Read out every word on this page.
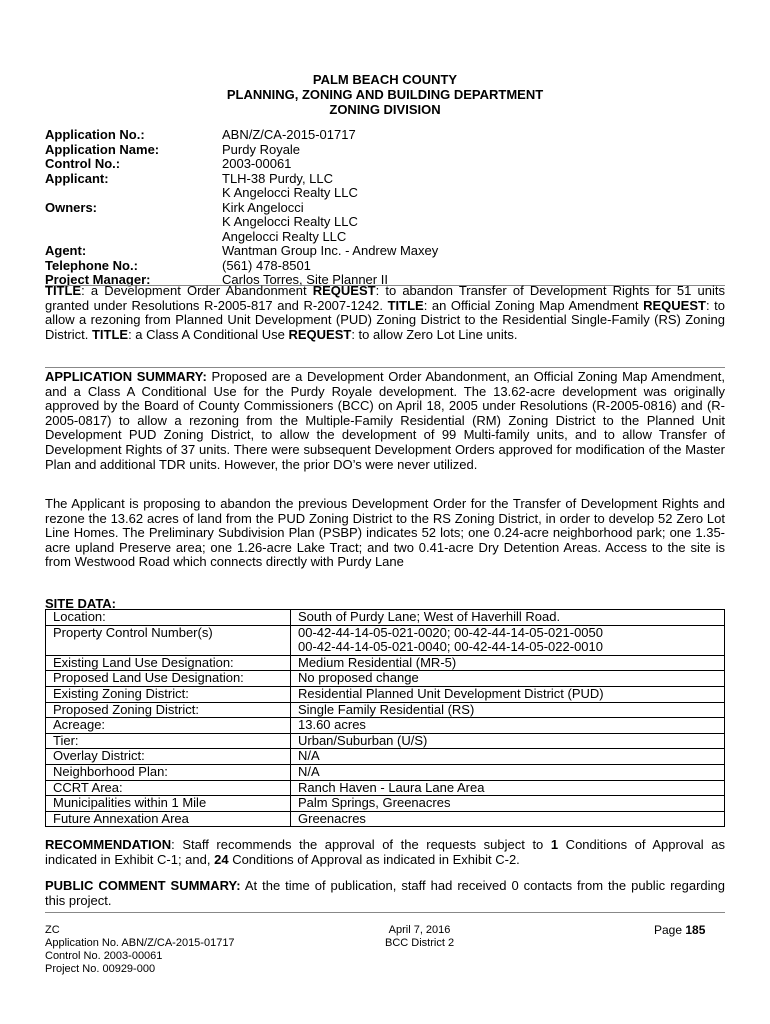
PALM BEACH COUNTY
PLANNING, ZONING AND BUILDING DEPARTMENT
ZONING DIVISION
Application No.:	ABN/Z/CA-2015-01717
Application Name:	Purdy Royale
Control No.:	2003-00061
Applicant:	TLH-38 Purdy, LLC
K Angelocci Realty LLC
Owners:	Kirk Angelocci
K Angelocci Realty LLC
Angelocci Realty LLC
Agent:	Wantman Group Inc. - Andrew Maxey
Telephone No.:	(561) 478-8501
Project Manager:	Carlos Torres, Site Planner II
TITLE: a Development Order Abandonment REQUEST: to abandon Transfer of Development Rights for 51 units granted under Resolutions R-2005-817 and R-2007-1242. TITLE: an Official Zoning Map Amendment REQUEST: to allow a rezoning from Planned Unit Development (PUD) Zoning District to the Residential Single-Family (RS) Zoning District. TITLE: a Class A Conditional Use REQUEST: to allow Zero Lot Line units.
APPLICATION SUMMARY: Proposed are a Development Order Abandonment, an Official Zoning Map Amendment, and a Class A Conditional Use for the Purdy Royale development. The 13.62-acre development was originally approved by the Board of County Commissioners (BCC) on April 18, 2005 under Resolutions (R-2005-0816) and (R-2005-0817) to allow a rezoning from the Multiple-Family Residential (RM) Zoning District to the Planned Unit Development PUD Zoning District, to allow the development of 99 Multi-family units, and to allow Transfer of Development Rights of 37 units. There were subsequent Development Orders approved for modification of the Master Plan and additional TDR units. However, the prior DO’s were never utilized.
The Applicant is proposing to abandon the previous Development Order for the Transfer of Development Rights and rezone the 13.62 acres of land from the PUD Zoning District to the RS Zoning District, in order to develop 52 Zero Lot Line Homes. The Preliminary Subdivision Plan (PSBP) indicates 52 lots; one 0.24-acre neighborhood park; one 1.35-acre upland Preserve area; one 1.26-acre Lake Tract; and two 0.41-acre Dry Detention Areas. Access to the site is from Westwood Road which connects directly with Purdy Lane
SITE DATA:
Location:	South of Purdy Lane; West of Haverhill Road.

Property Control Number(s)	00-42-44-14-05-021-0020; 00-42-44-14-05-021-0050
00-42-44-14-05-021-0040; 00-42-44-14-05-022-0010

Existing Land Use Designation:	Medium Residential (MR-5)

Proposed Land Use Designation:	No proposed change

Existing Zoning District:	Residential Planned Unit Development District (PUD)

Proposed Zoning District:	Single Family Residential (RS)

Acreage:	13.60 acres

Tier:	Urban/Suburban (U/S)

Overlay District:	N/A

Neighborhood Plan:	N/A

CCRT Area:	Ranch Haven - Laura Lane Area

Municipalities within 1 Mile	Palm Springs, Greenacres

Future Annexation Area	Greenacres
RECOMMENDATION: Staff recommends the approval of the requests subject to 1 Conditions of Approval as indicated in Exhibit C-1; and, 24 Conditions of Approval as indicated in Exhibit C-2.
PUBLIC COMMENT SUMMARY: At the time of publication, staff had received 0 contacts from the public regarding this project.
ZC
Application No. ABN/Z/CA-2015-01717
Control No. 2003-00061
Project No. 00929-000
April 7, 2016
BCC District 2
Page 185
